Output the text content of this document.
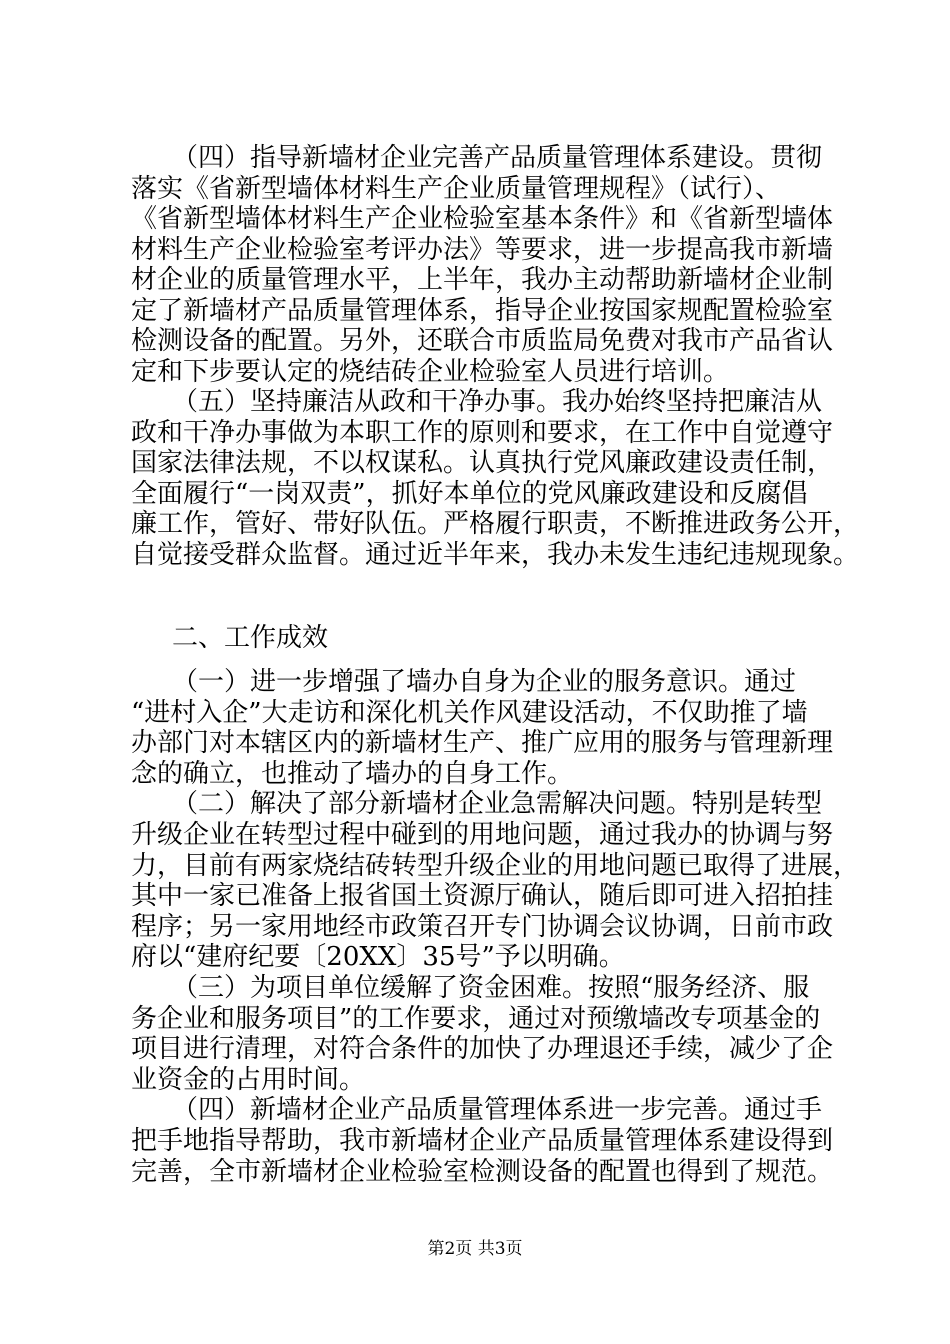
（四）指导新墙材企业完善产品质量管理体系建设。贯彻
落实《省新型墙体材料生产企业质量管理规程》（试行）、
《省新型墙体材料生产企业检验室基本条件》和《省新型墙体
材料生产企业检验室考评办法》等要求，进一步提高我市新墙
材企业的质量管理水平，上半年，我办主动帮助新墙材企业制
定了新墙材产品质量管理体系，指导企业按国家规配置检验室
检测设备的配置。另外，还联合市质监局免费对我市产品省认
定和下步要认定的烧结砖企业检验室人员进行培训。
（五）坚持廉洁从政和干净办事。我办始终坚持把廉洁从
政和干净办事做为本职工作的原则和要求，在工作中自觉遵守
国家法律法规，不以权谋私。认真执行党风廉政建设责任制，
全面履行“一岗双责”，抓好本单位的党风廉政建设和反腐倡
廉工作，管好、带好队伍。严格履行职责，不断推进政务公开，
自觉接受群众监督。通过近半年来，我办未发生违纪违规现象。
二、工作成效
（一）进一步增强了墙办自身为企业的服务意识。通过
“进村入企”大走访和深化机关作风建设活动，不仅助推了墙
办部门对本辖区内的新墙材生产、推广应用的服务与管理新理
念的确立，也推动了墙办的自身工作。
（二）解决了部分新墙材企业急需解决问题。特别是转型
升级企业在转型过程中碰到的用地问题，通过我办的协调与努
力，目前有两家烧结砖转型升级企业的用地问题已取得了进展，
其中一家已准备上报省国土资源厅确认，随后即可进入招拍挂
程序；另一家用地经市政策召开专门协调会议协调，日前市政
府以“建府纪要〔20XX〕35号”予以明确。
（三）为项目单位缓解了资金困难。按照“服务经济、服
务企业和服务项目”的工作要求，通过对预缴墙改专项基金的
项目进行清理，对符合条件的加快了办理退还手续，减少了企
业资金的占用时间。
（四）新墙材企业产品质量管理体系进一步完善。通过手
把手地指导帮助，我市新墙材企业产品质量管理体系建设得到
完善，全市新墙材企业检验室检测设备的配置也得到了规范。
第2页 共3页
